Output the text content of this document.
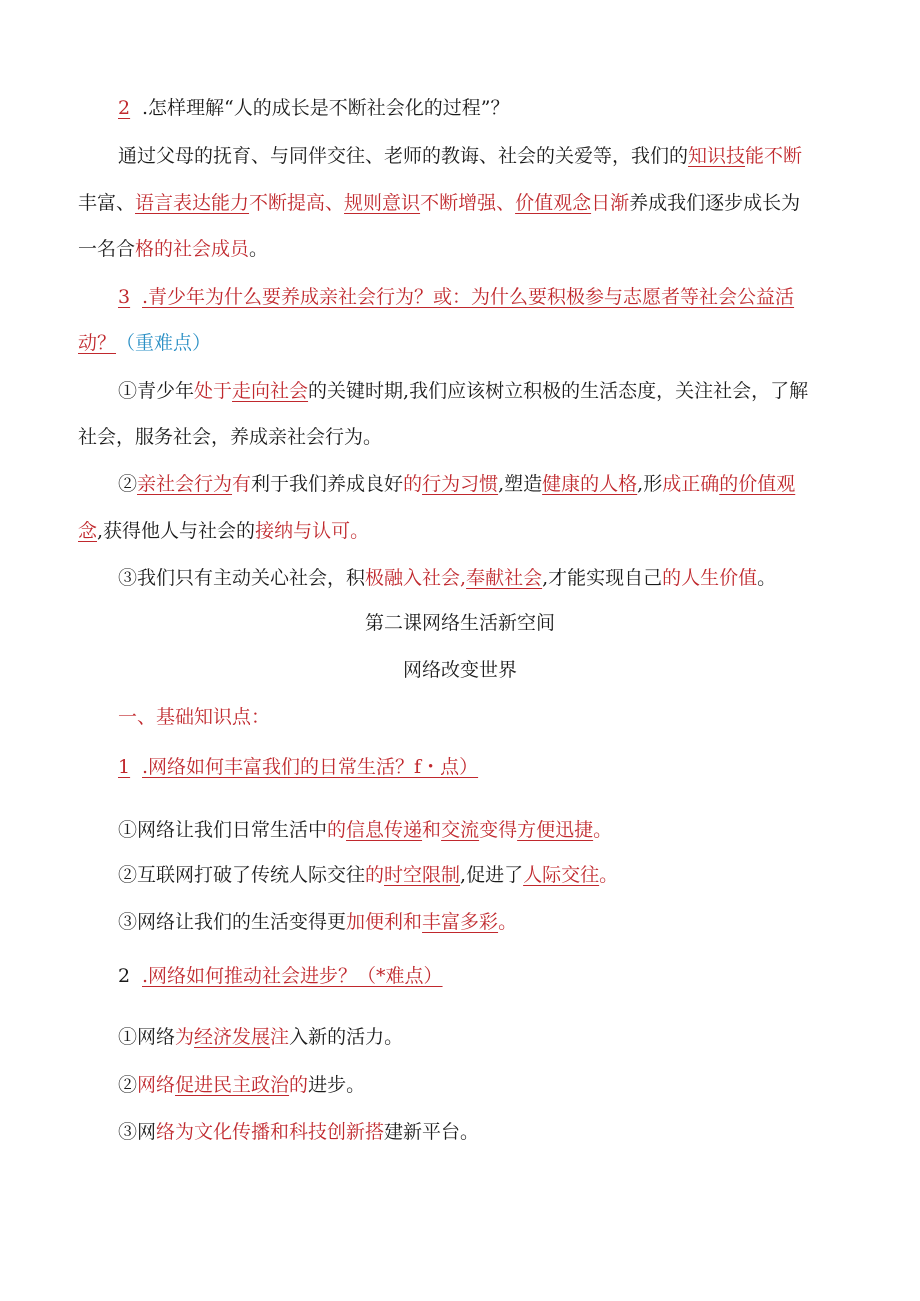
2 .怎样理解“人的成长是不断社会化的过程”？
通过父母的抚育、与同伴交往、老师的教诲、社会的关爱等，我们的知识技能不断
丰富、语言表达能力不断提高、规则意识不断增强、价值观念日渐养成我们逐步成长为
一名合格的社会成员。
3 .青少年为什么要养成亲社会行为？或：为什么要积极参与志愿者等社会公益活
动？（重难点）
①青少年处于走向社会的关键时期,我们应该树立积极的生活态度，关注社会，了解
社会，服务社会，养成亲社会行为。
②亲社会行为有利于我们养成良好的行为习惯,塑造健康的人格,形成正确的价值观
念,获得他人与社会的接纳与认可。
③我们只有主动关心社会，积极融入社会,奉献社会,才能实现自己的人生价值。
第二课网络生活新空间
网络改变世界
一、基础知识点：
1 .网络如何丰富我们的日常生活？f・点）
①网络让我们日常生活中的信息传递和交流变得方便迅捷。
②互联网打破了传统人际交往的时空限制,促进了人际交往。
③网络让我们的生活变得更加便利和丰富多彩。
2 .网络如何推动社会进步？（*难点）
①网络为经济发展注入新的活力。
②网络促进民主政治的进步。
③网络为文化传播和科技创新搭建新平台。
